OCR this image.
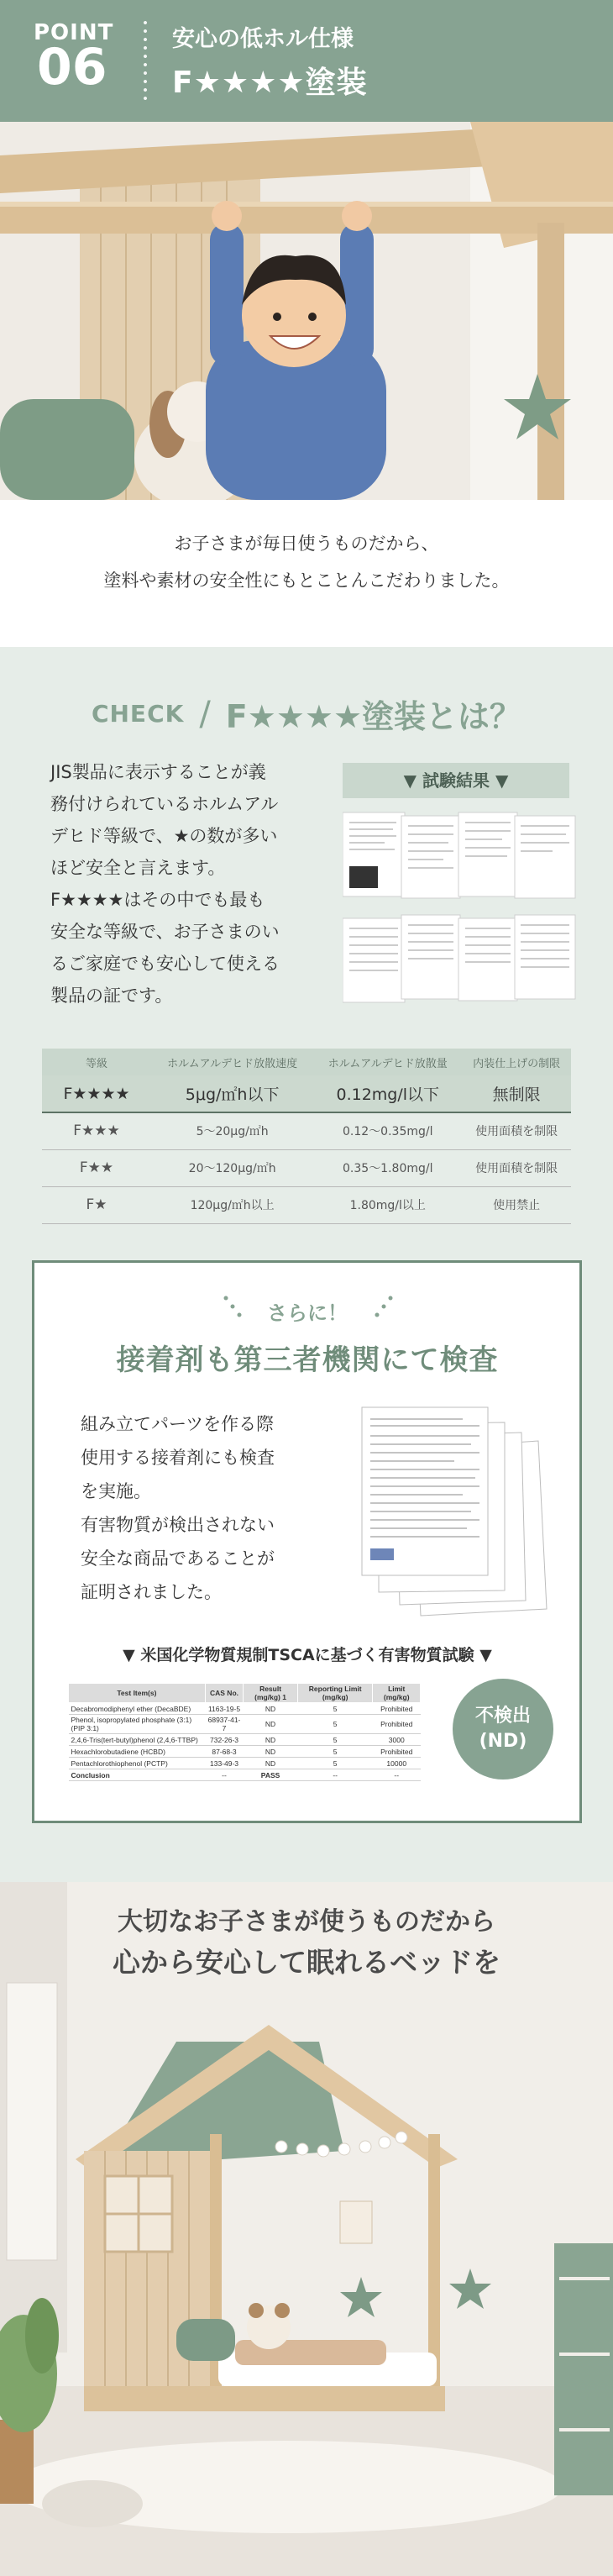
POINT
06	安心の低ホル仕様
F★★★★塗装

お子さまが毎日使うものだから、

塗料や素材の安全性にもとことんこだわりました。

CHECK / F★★★★塗装とは？
JIS製品に表示することが義
務付けられているホルムアル
デヒド等級で、★の数が多い
ほど安全と言えます。
F★★★★はその中でも最も
安全な等級で、お子さまのい
るご家庭でも安心して使える
製品の証です。
▼ 試験結果 ▼
等級	ホルムアルデヒド放散速度	ホルムアルデヒド放散量	内装仕上げの制限
F★★★★	5μg/㎡h以下	0.12mg/l以下	無制限
F★★★	5～20μg/㎡h	0.12～0.35mg/l	使用面積を制限
F★★	20～120μg/㎡h	0.35～1.80mg/l	使用面積を制限
F★	120μg/㎡h以上	1.80mg/l以上	使用禁止
さらに！
接着剤も第三者機関にて検査
組み立てパーツを作る際
使用する接着剤にも検査
を実施。
有害物質が検出されない
安全な商品であることが
証明されました。
▼ 米国化学物質規制TSCAに基づく有害物質試験 ▼
Test Item(s)	CAS No.	Result (mg/kg) 1	Reporting Limit (mg/kg)	Limit (mg/kg)
Decabromodiphenyl ether (DecaBDE)	1163-19-5	ND	5	Prohibited
Phenol, isopropylated phosphate (3:1) (PIP 3:1)	68937-41-7	ND	5	Prohibited
2,4,6-Tris(tert-butyl)phenol (2,4,6-TTBP)	732-26-3	ND	5	3000
Hexachlorobutadiene (HCBD)	87-68-3	ND	5	Prohibited
Pentachlorothiophenol (PCTP)	133-49-3	ND	5	10000
Conclusion	--	PASS	--	--
不検出
(ND)
大切なお子さまが使うものだから
心から安心して眠れるベッドを
